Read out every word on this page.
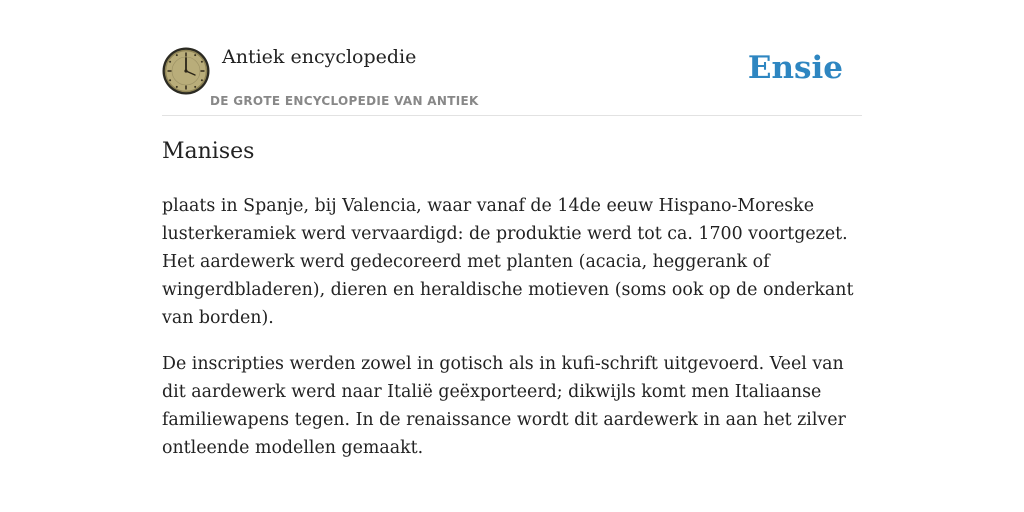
Antiek encyclopedie
DE GROTE ENCYCLOPEDIE VAN ANTIEK
Ensie
Manises

plaats in Spanje, bij Valencia, waar vanaf de 14de eeuw Hispano-Moreske lusterkeramiek werd vervaardigd: de produktie werd tot ca. 1700 voortgezet. Het aardewerk werd gedecoreerd met planten (acacia, heggerank of wingerdbladeren), dieren en heraldische motieven (soms ook op de onderkant van borden).

De inscripties werden zowel in gotisch als in kufi-schrift uitgevoerd. Veel van dit aardewerk werd naar Italië geëxporteerd; dikwijls komt men Italiaanse familiewapens tegen. In de renaissance wordt dit aardewerk in aan het zilver ontleende modellen gemaakt.
